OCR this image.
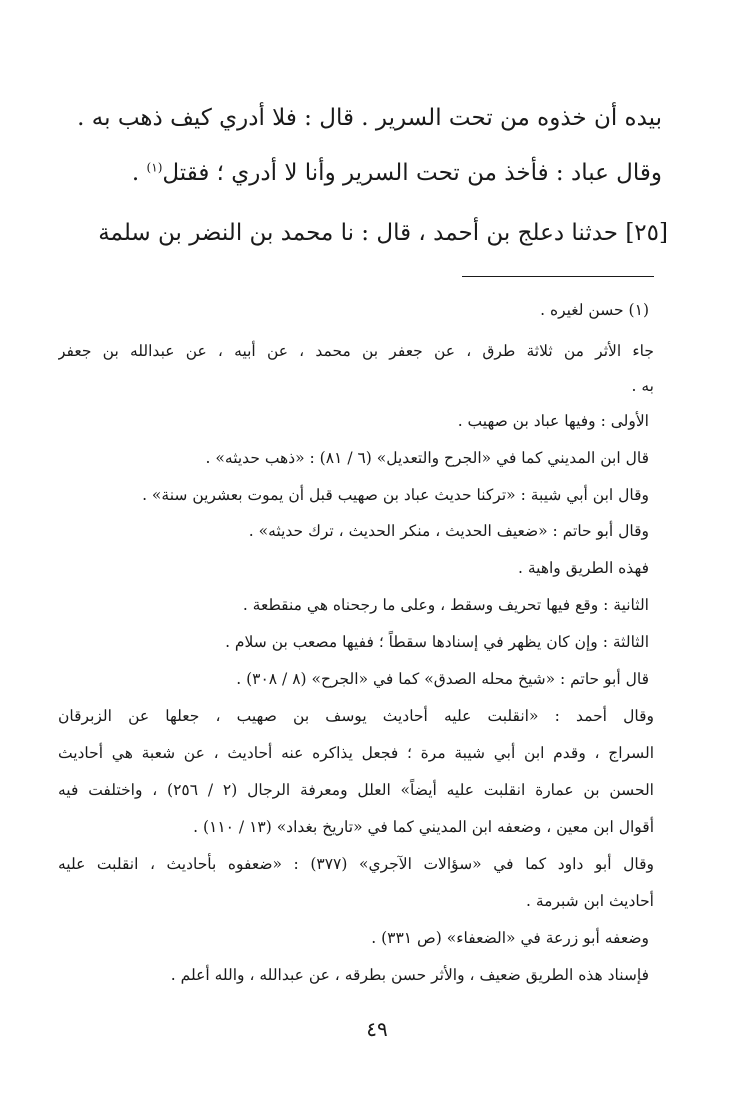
بيده أن خذوه من تحت السرير . قال : فلا أدري كيف ذهب به .

وقال عباد : فأخذ من تحت السرير وأنا لا أدري ؛ فقتل$^{(١)}$ .

[٢٥] حدثنا دعلج بن أحمد ، قال : نا محمد بن النضر بن سلمة

(١) حسن لغيره .

جاء الأثر من ثلاثة طرق ، عن جعفر بن محمد ، عن أبيه ، عن عبدالله بن جعفر

به .

الأولى : وفيها عباد بن صهيب .

قال ابن المديني كما في «الجرح والتعديل» (٦ / ٨١) : «ذهب حديثه» .

وقال ابن أبي شيبة : «تركنا حديث عباد بن صهيب قبل أن يموت بعشرين سنة» .

وقال أبو حاتم : «ضعيف الحديث ، منكر الحديث ، ترك حديثه» .

فهذه الطريق واهية .

الثانية : وقع فيها تحريف وسقط ، وعلى ما رجحناه هي منقطعة .

الثالثة : وإن كان يظهر في إسنادها سقطاً ؛ ففيها مصعب بن سلام .

قال أبو حاتم : «شيخ محله الصدق» كما في «الجرح» (٨ / ٣٠٨) .

وقال أحمد : «انقلبت عليه أحاديث يوسف بن صهيب ، جعلها عن الزبرقان

السراج ، وقدم ابن أبي شيبة مرة ؛ فجعل يذاكره عنه أحاديث ، عن شعبة هي أحاديث

الحسن بن عمارة انقلبت عليه أيضاً» العلل ومعرفة الرجال (٢ / ٢٥٦) ، واختلفت فيه

أقوال ابن معين ، وضعفه ابن المديني كما في «تاريخ بغداد» (١٣ / ١١٠) .

وقال أبو داود كما في «سؤالات الآجري» (٣٧٧) : «ضعفوه بأحاديث ، انقلبت عليه

أحاديث ابن شبرمة .

وضعفه أبو زرعة في «الضعفاء» (ص ٣٣١) .

فإسناد هذه الطريق ضعيف ، والأثر حسن بطرقه ، عن عبدالله ، والله أعلم .

٤٩
